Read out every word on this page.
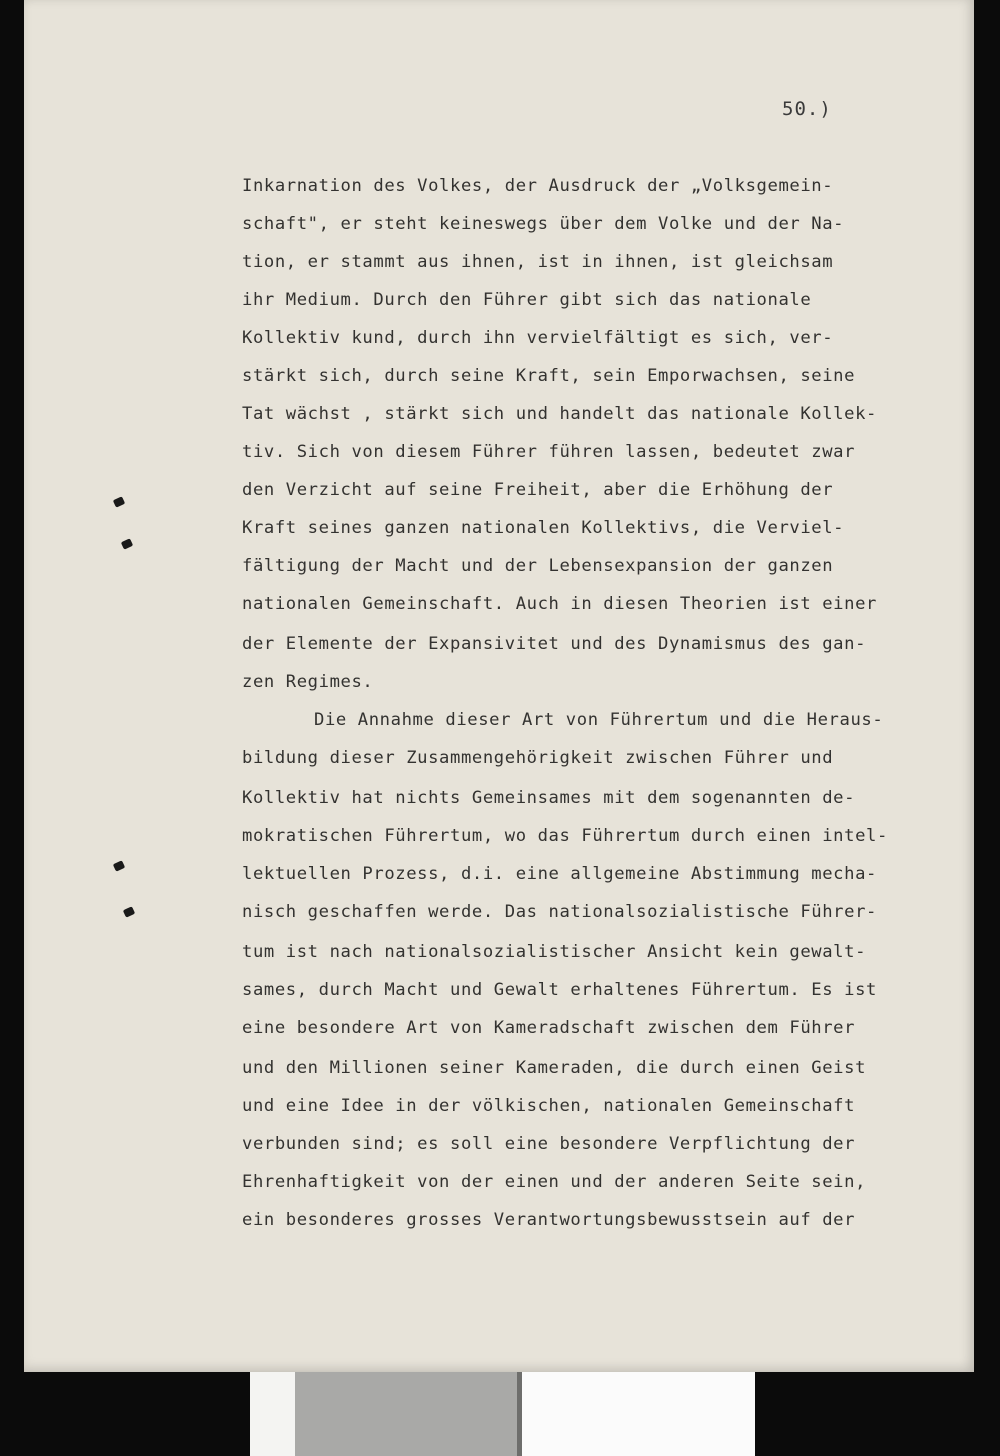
50.)
Inkarnation des Volkes, der Ausdruck der „Volksgemein-
schaft", er steht keineswegs über dem Volke und der Na-
tion, er stammt aus ihnen, ist in ihnen, ist gleichsam
ihr Medium. Durch den Führer gibt sich das nationale
Kollektiv kund, durch ihn vervielfältigt es sich, ver-
stärkt sich, durch seine Kraft, sein Emporwachsen, seine
Tat wächst , stärkt sich und handelt das nationale Kollek-
tiv. Sich von diesem Führer führen lassen, bedeutet zwar
den Verzicht auf seine Freiheit, aber die Erhöhung der
Kraft seines ganzen nationalen Kollektivs, die Verviel-
fältigung der Macht und der Lebensexpansion der ganzen
nationalen Gemeinschaft. Auch in diesen Theorien ist einer
der Elemente der Expansivitet und des Dynamismus des gan-
zen Regimes.
Die Annahme dieser Art von Führertum und die Heraus-
bildung dieser Zusammengehörigkeit zwischen Führer und
Kollektiv hat nichts Gemeinsames mit dem sogenannten de-
mokratischen Führertum, wo das Führertum durch einen intel-
lektuellen Prozess, d.i. eine allgemeine Abstimmung mecha-
nisch geschaffen werde. Das nationalsozialistische Führer-
tum ist nach nationalsozialistischer Ansicht kein gewalt-
sames, durch Macht und Gewalt erhaltenes Führertum. Es ist
eine besondere Art von Kameradschaft zwischen dem Führer
und den Millionen seiner Kameraden, die durch einen Geist
und eine Idee in der völkischen, nationalen Gemeinschaft
verbunden sind; es soll eine besondere Verpflichtung der
Ehrenhaftigkeit von der einen und der anderen Seite sein,
ein besonderes grosses Verantwortungsbewusstsein auf der
